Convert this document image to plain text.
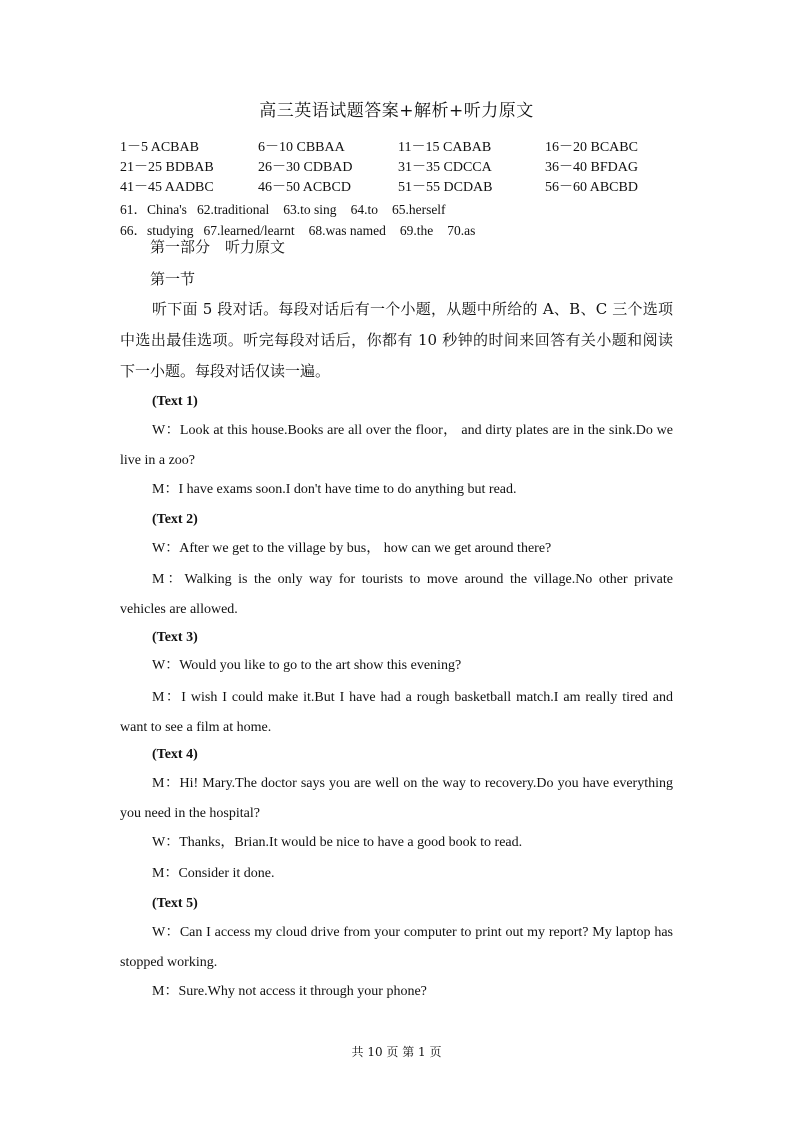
高三英语试题答案+解析+听力原文
1－5 ACBAB	6－10 CBBAA	11－15 CABAB	16－20 BCABC
21－25 BDBAB	26－30 CDBAD	31－35 CDCCA	36－40 BFDAG
41－45 AADBC	46－50 ACBCD	51－55 DCDAB	56－60 ABCBD
61．China's 62.traditional 63.to sing 64.to 65.herself
66．studying 67.learned/learnt 68.was named 69.the 70.as
第一部分　听力原文
第一节
听下面 5 段对话。每段对话后有一个小题，从题中所给的 A、B、C 三个选项中选出最佳选项。听完每段对话后，你都有 10 秒钟的时间来回答有关小题和阅读下一小题。每段对话仅读一遍。
(Text 1)
W：Look at this house.Books are all over the floor， and dirty plates are in the sink.Do we live in a zoo?
M：I have exams soon.I don't have time to do anything but read.
(Text 2)
W：After we get to the village by bus， how can we get around there?
M：Walking is the only way for tourists to move around the village.No other private vehicles are allowed.
(Text 3)
W：Would you like to go to the art show this evening?
M：I wish I could make it.But I have had a rough basketball match.I am really tired and want to see a film at home.
(Text 4)
M：Hi! Mary.The doctor says you are well on the way to recovery.Do you have everything you need in the hospital?
W：Thanks，Brian.It would be nice to have a good book to read.
M：Consider it done.
(Text 5)
W：Can I access my cloud drive from your computer to print out my report? My laptop has stopped working.
M：Sure.Why not access it through your phone?
共 10 页 第 1 页
